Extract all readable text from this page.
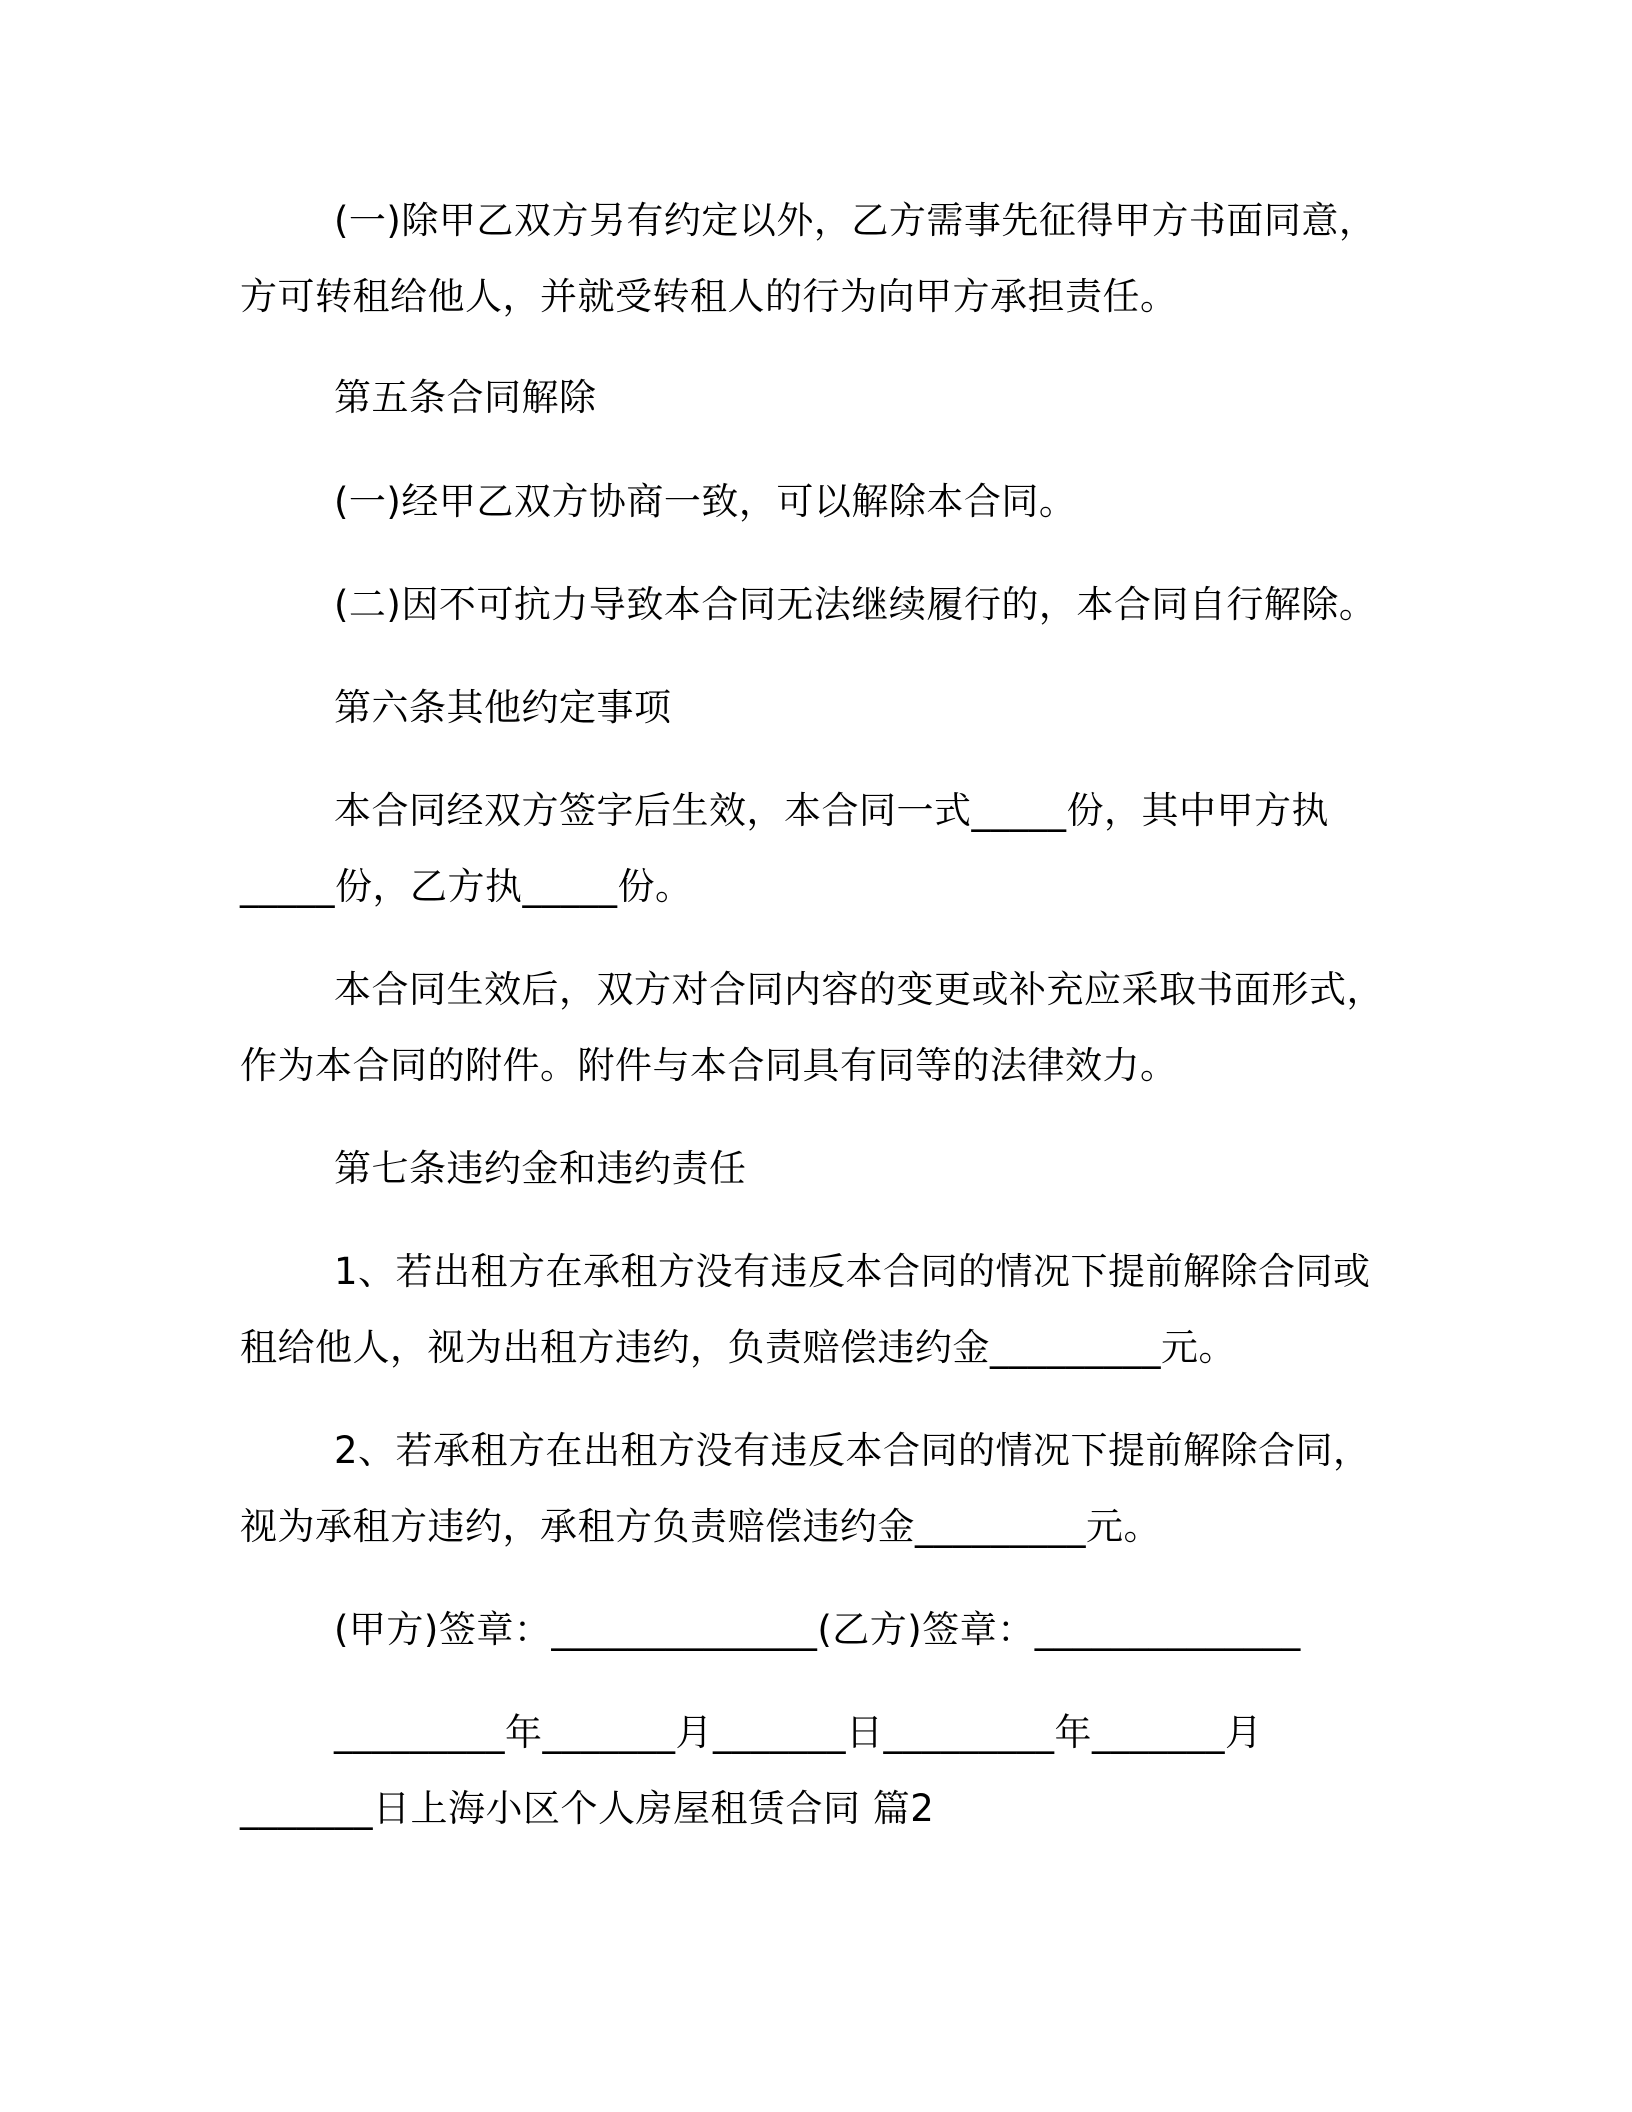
(一)除甲乙双方另有约定以外，乙方需事先征得甲方书面同意，
方可转租给他人，并就受转租人的行为向甲方承担责任。
第五条合同解除
(一)经甲乙双方协商一致，可以解除本合同。
(二)因不可抗力导致本合同无法继续履行的，本合同自行解除。
第六条其他约定事项
本合同经双方签字后生效，本合同一式_____份，其中甲方执
_____份，乙方执_____份。
本合同生效后，双方对合同内容的变更或补充应采取书面形式，
作为本合同的附件。附件与本合同具有同等的法律效力。
第七条违约金和违约责任
1、若出租方在承租方没有违反本合同的情况下提前解除合同或
租给他人，视为出租方违约，负责赔偿违约金_________元。
2、若承租方在出租方没有违反本合同的情况下提前解除合同，
视为承租方违约，承租方负责赔偿违约金_________元。
(甲方)签章：______________(乙方)签章：______________
_________年_______月_______日_________年_______月
_______日上海小区个人房屋租赁合同 篇2
